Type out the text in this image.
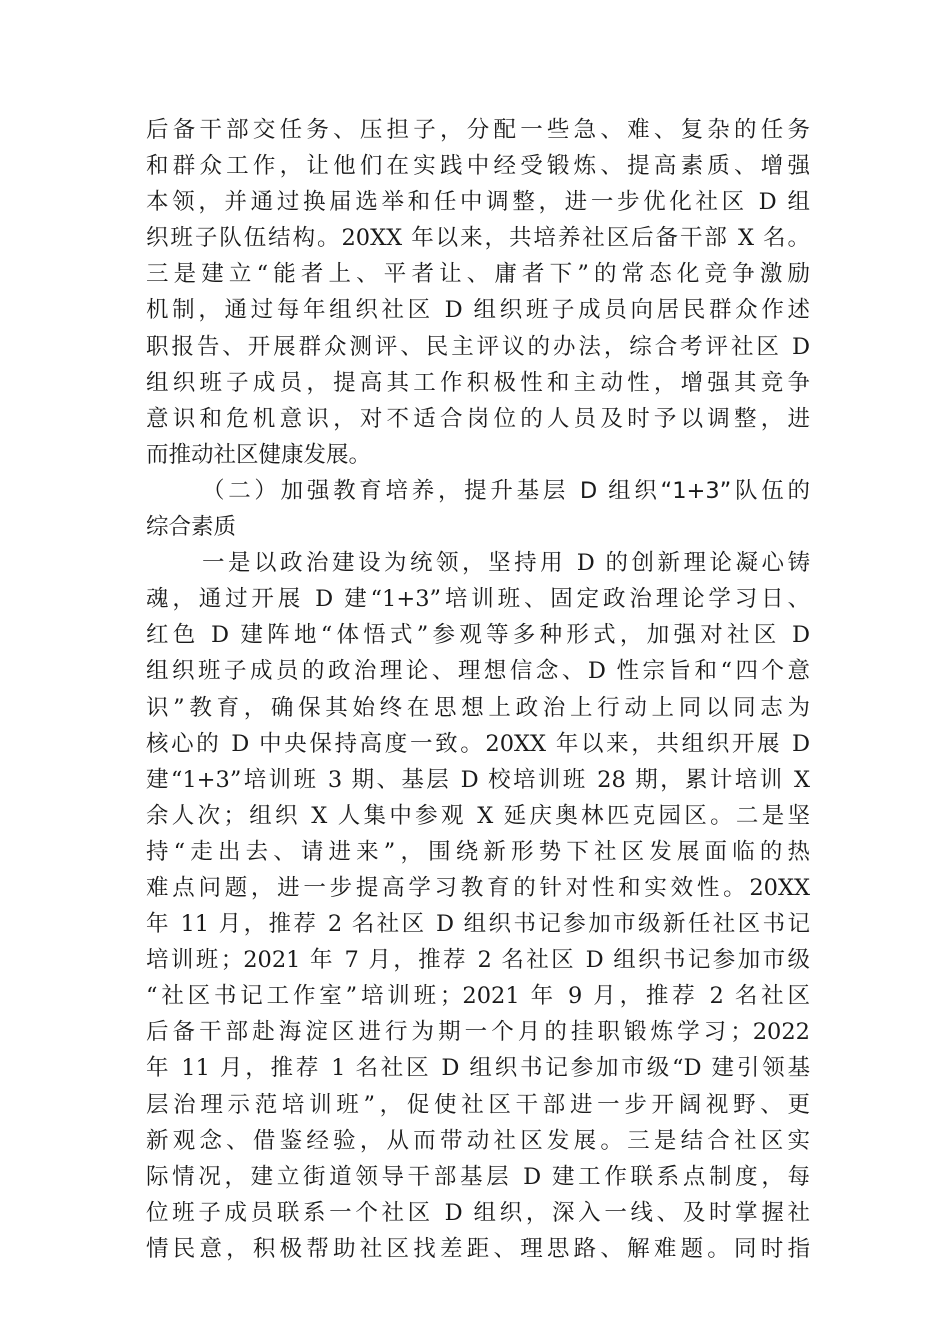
后备干部交任务、压担子，分配一些急、难、复杂的任务
和群众工作，让他们在实践中经受锻炼、提高素质、增强
本领，并通过换届选举和任中调整，进一步优化社区 D 组
织班子队伍结构。20XX 年以来，共培养社区后备干部 X 名。
三是建立“能者上、平者让、庸者下”的常态化竞争激励
机制，通过每年组织社区 D 组织班子成员向居民群众作述
职报告、开展群众测评、民主评议的办法，综合考评社区 D
组织班子成员，提高其工作积极性和主动性，增强其竞争
意识和危机意识，对不适合岗位的人员及时予以调整，进
而推动社区健康发展。
（二）加强教育培养，提升基层 D 组织“1+3”队伍的
综合素质
一是以政治建设为统领，坚持用 D 的创新理论凝心铸
魂，通过开展 D 建“1+3”培训班、固定政治理论学习日、
红色 D 建阵地“体悟式”参观等多种形式，加强对社区 D
组织班子成员的政治理论、理想信念、D 性宗旨和“四个意
识”教育，确保其始终在思想上政治上行动上同以同志为
核心的 D 中央保持高度一致。20XX 年以来，共组织开展 D
建“1+3”培训班 3 期、基层 D 校培训班 28 期，累计培训 X
余人次；组织 X 人集中参观 X 延庆奥林匹克园区。二是坚
持“走出去、请进来”，围绕新形势下社区发展面临的热
难点问题，进一步提高学习教育的针对性和实效性。20XX
年 11 月，推荐 2 名社区 D 组织书记参加市级新任社区书记
培训班；2021 年 7 月，推荐 2 名社区 D 组织书记参加市级
“社区书记工作室”培训班；2021 年 9 月，推荐 2 名社区
后备干部赴海淀区进行为期一个月的挂职锻炼学习；2022
年 11 月，推荐 1 名社区 D 组织书记参加市级“D 建引领基
层治理示范培训班”，促使社区干部进一步开阔视野、更
新观念、借鉴经验，从而带动社区发展。三是结合社区实
际情况，建立街道领导干部基层 D 建工作联系点制度，每
位班子成员联系一个社区 D 组织，深入一线、及时掌握社
情民意，积极帮助社区找差距、理思路、解难题。同时指
